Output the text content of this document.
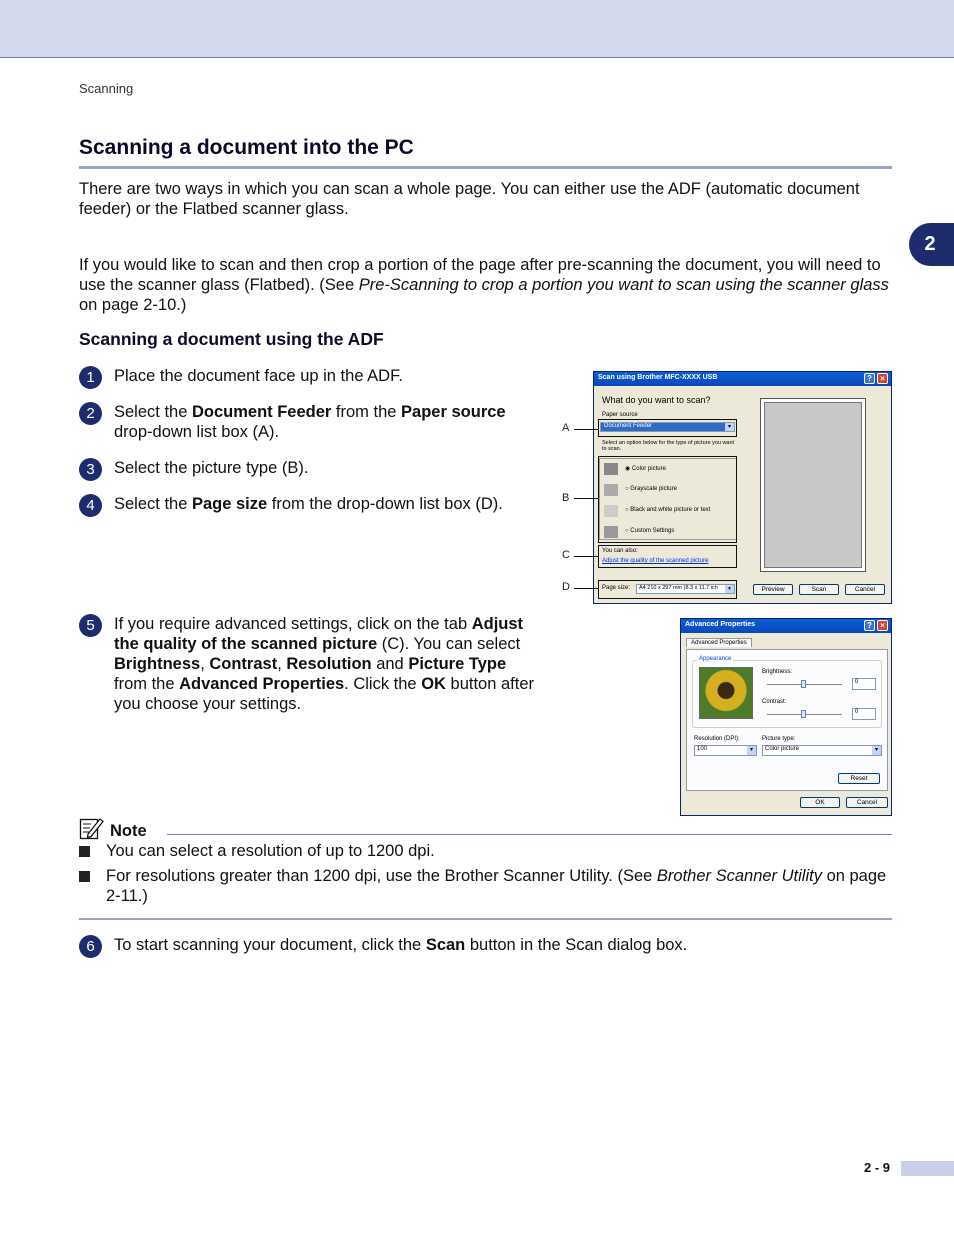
Scanning
2
Scanning a document into the PC
There are two ways in which you can scan a whole page. You can either use the ADF (automatic document feeder) or the Flatbed scanner glass.
If you would like to scan and then crop a portion of the page after pre-scanning the document, you will need to use the scanner glass (Flatbed). (See Pre-Scanning to crop a portion you want to scan using the scanner glass on page 2-10.)
Scanning a document using the ADF
1	Place the document face up in the ADF.
2	Select the Document Feeder from the Paper source drop-down list box (A).
3	Select the picture type (B).
4	Select the Page size from the drop-down list box (D).
5	If you require advanced settings, click on the tab Adjust the quality of the scanned picture (C). You can select Brightness, Contrast, Resolution and Picture Type from the Advanced Properties. Click the OK button after you choose your settings.
Scan using Brother MFC-XXXX USB	?	×
What do you want to scan?
Paper source
Document Feeder	▾
Select an option below for the type of picture you want to scan.
◉ Color picture
○ Grayscale picture
○ Black and white picture or text
○ Custom Settings
You can also:
Adjust the quality of the scanned picture
Page size:	A4 210 x 297 mm (8.3 x 11.7 ich	▾	Preview	Scan	Cancel
A
B
C
D
Advanced Properties	?	×
Advanced Properties
Appearance
Brightness:
0
Contrast:
0
Resolution (DPI):
100	▾
Picture type:
Color picture	▾
Reset
OK	Cancel
Note
You can select a resolution of up to 1200 dpi.
For resolutions greater than 1200 dpi, use the Brother Scanner Utility. (See Brother Scanner Utility on page 2-11.)
6	To start scanning your document, click the Scan button in the Scan dialog box.
2 - 9
